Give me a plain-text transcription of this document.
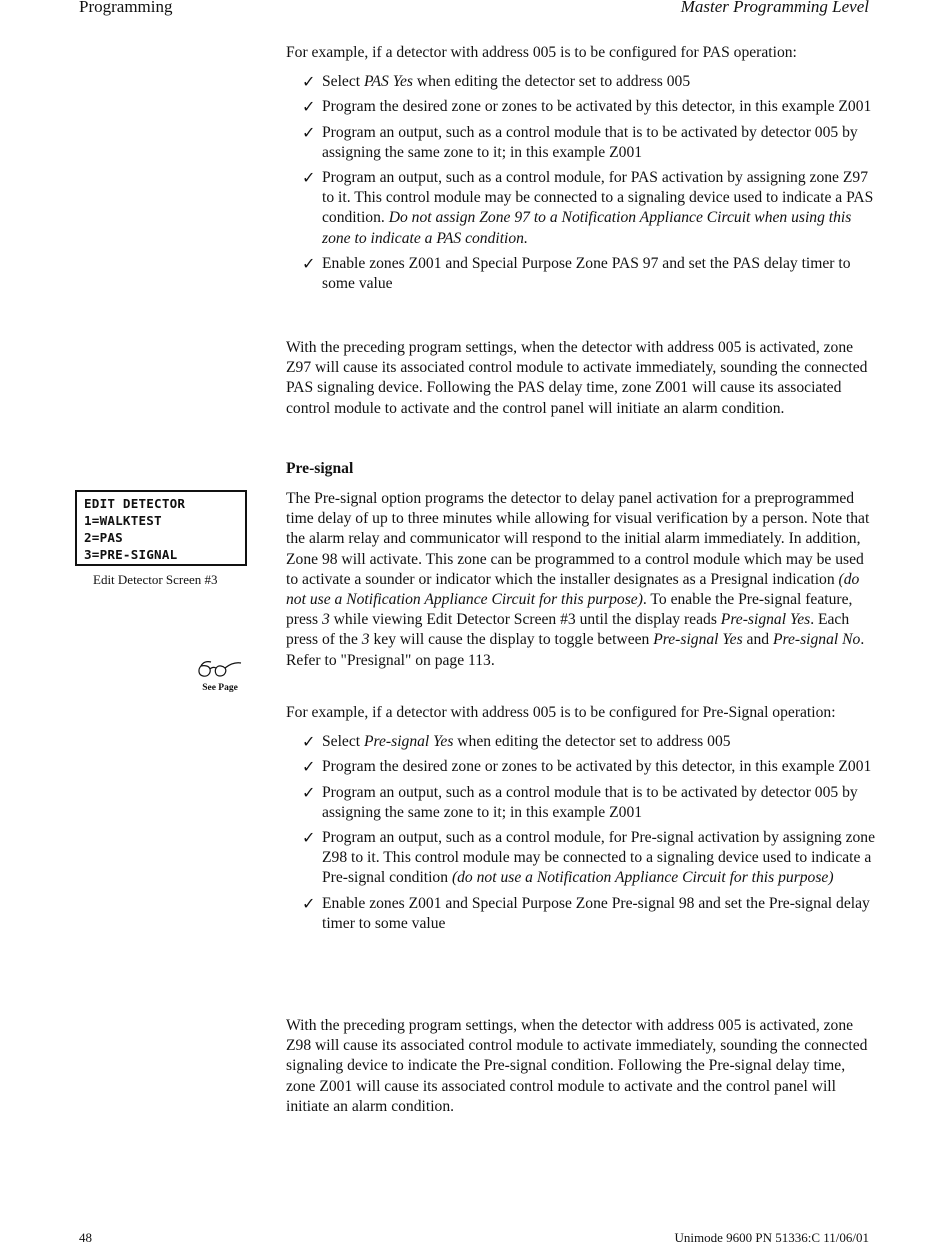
Programming	Master Programming Level

For example, if a detector with address 005 is to be configured for PAS operation:

✓ Select PAS Yes when editing the detector set to address 005
✓ Program the desired zone or zones to be activated by this detector, in this example Z001
✓ Program an output, such as a control module that is to be activated by detector 005 by assigning the same zone to it; in this example Z001
✓ Program an output, such as a control module, for PAS activation by assigning zone Z97 to it. This control module may be connected to a signaling device used to indicate a PAS condition. Do not assign Zone 97 to a Notification Appliance Circuit when using this zone to indicate a PAS condition.
✓ Enable zones Z001 and Special Purpose Zone PAS 97 and set the PAS delay timer to some value
With the preceding program settings, when the detector with address 005 is activated, zone Z97 will cause its associated control module to activate immediately, sounding the connected PAS signaling device. Following the PAS delay time, zone Z001 will cause its associated control module to activate and the control panel will initiate an alarm condition.
Pre-signal
The Pre-signal option programs the detector to delay panel activation for a preprogrammed time delay of up to three minutes while allowing for visual verification by a person. Note that the alarm relay and communicator will respond to the initial alarm immediately. In addition, Zone 98 will activate. This zone can be programmed to a control module which may be used to activate a sounder or indicator which the installer designates as a Presignal indication (do not use a Notification Appliance Circuit for this purpose). To enable the Pre-signal feature, press 3 while viewing Edit Detector Screen #3 until the display reads Pre-signal Yes. Each press of the 3 key will cause the display to toggle between Pre-signal Yes and Pre-signal No. Refer to "Presignal" on page 113.

For example, if a detector with address 005 is to be configured for Pre-Signal operation:

✓ Select Pre-signal Yes when editing the detector set to address 005
✓ Program the desired zone or zones to be activated by this detector, in this example Z001
✓ Program an output, such as a control module that is to be activated by detector 005 by assigning the same zone to it; in this example Z001
✓ Program an output, such as a control module, for Pre-signal activation by assigning zone Z98 to it. This control module may be connected to a signaling device used to indicate a Pre-signal condition (do not use a Notification Appliance Circuit for this purpose)
✓ Enable zones Z001 and Special Purpose Zone Pre-signal 98 and set the Pre-signal delay timer to some value
With the preceding program settings, when the detector with address 005 is activated, zone Z98 will cause its associated control module to activate immediately, sounding the connected signaling device to indicate the Pre-signal condition. Following the Pre-signal delay time, zone Z001 will cause its associated control module to activate and the control panel will initiate an alarm condition.
EDIT DETECTOR
1=WALKTEST
2=PAS
3=PRE-SIGNAL
Edit Detector Screen #3
See Page
48	Unimode 9600 PN 51336:C 11/06/01
